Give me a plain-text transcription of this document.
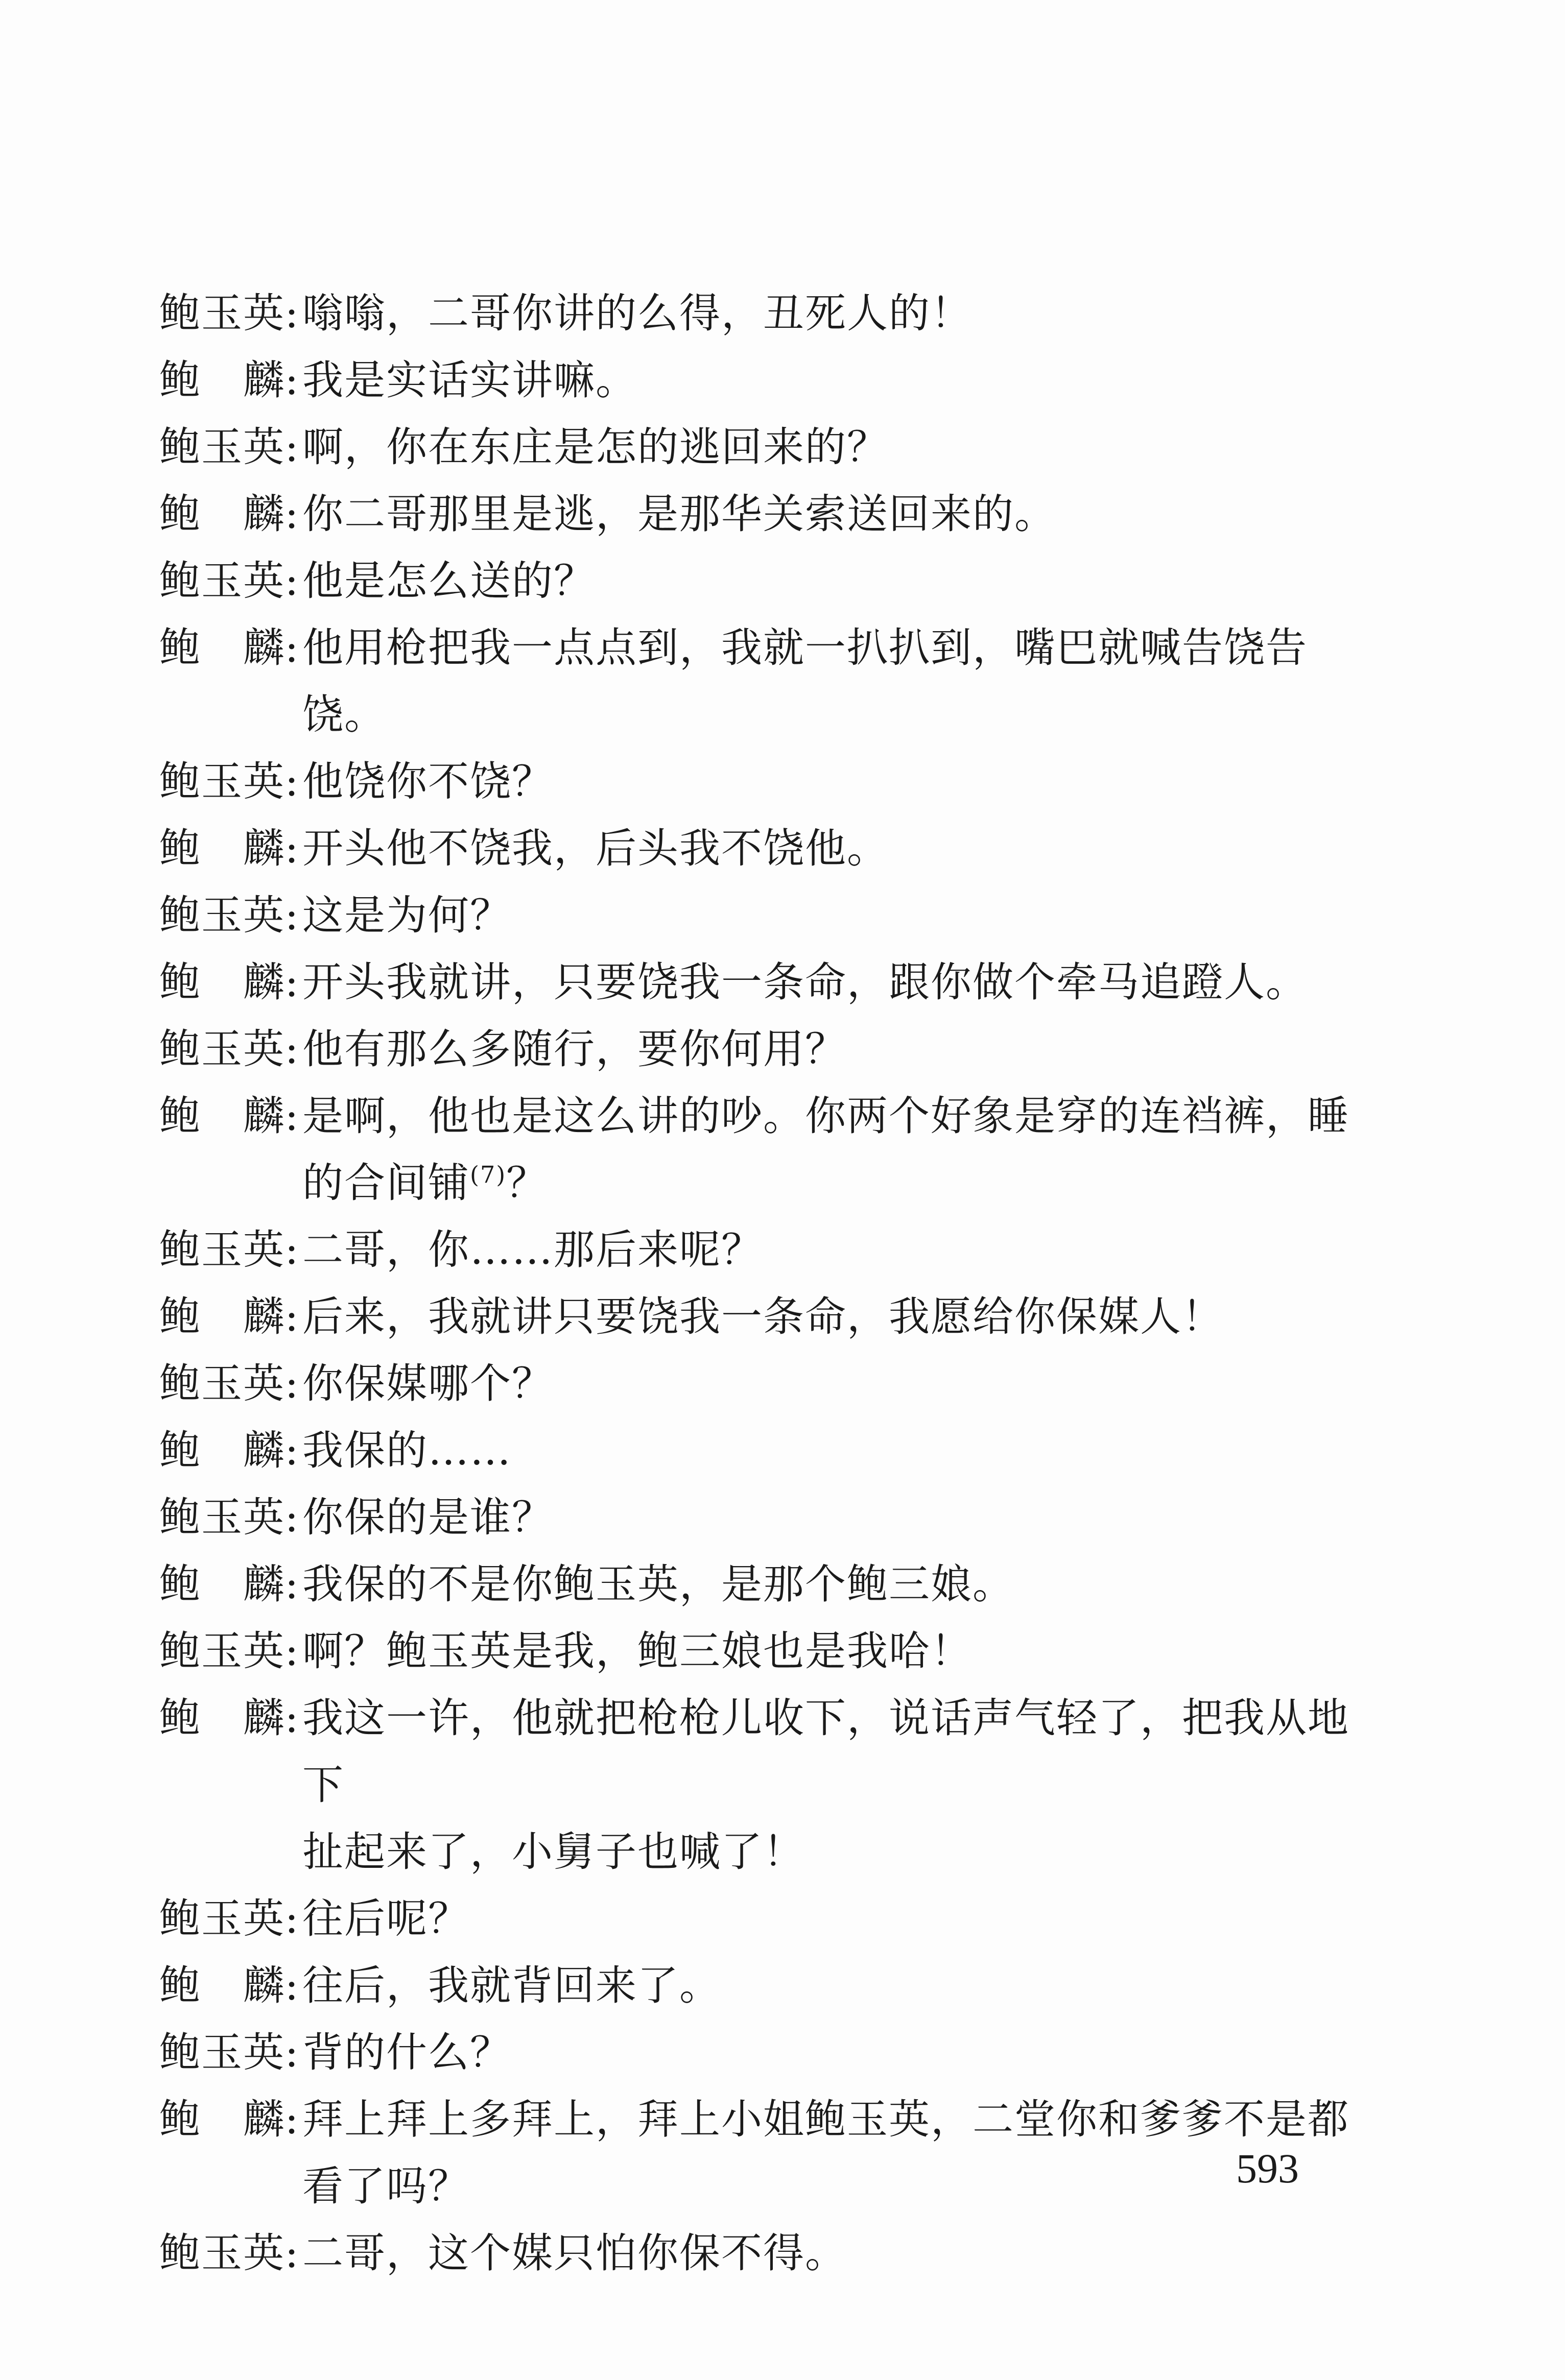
鲍 玉 英 : 嗡嗡，二哥你讲的么得，丑死人的！
鲍
　 麟 : 我是实话实讲嘛。
鲍 玉 英 : 啊，你在东庄是怎的逃回来的？
鲍
　 麟 : 你二哥那里是逃，是那华关索送回来的。
鲍 玉 英 : 他是怎么送的？
鲍
　 麟 : 他用枪把我一点点到，我就一扒扒到，嘴巴就喊告饶告饶。
鲍 玉 英 : 他饶你不饶？
鲍
　 麟 : 开头他不饶我，后头我不饶他。
鲍 玉 英 : 这是为何？
鲍
　 麟 : 开头我就讲，只要饶我一条命，跟你做个牵马追蹬人。
鲍 玉 英 : 他有那么多随行，要你何用？
鲍
　 麟 : 是啊，他也是这么讲的吵。你两个好象是穿的连裆裤，睡
的合间铺$^{(7)}$？
鲍 玉 英 : 二哥，你……那后来呢？
鲍
　 麟 : 后来，我就讲只要饶我一条命，我愿给你保媒人！
鲍 玉 英 : 你保媒哪个？
鲍
　 麟 : 我保的……
鲍 玉 英 : 你保的是谁？
鲍
　 麟 : 我保的不是你鲍玉英，是那个鲍三娘。
鲍 玉 英 : 啊？鲍玉英是我，鲍三娘也是我哈！
鲍
　 麟 : 我这一许，他就把枪枪儿收下，说话声气轻了，把我从地下
扯起来了，小舅子也喊了！
鲍 玉 英 : 往后呢？
鲍
　 麟 : 往后，我就背回来了。
鲍 玉 英 : 背的什么？
鲍
　 麟 : 拜上拜上多拜上，拜上小姐鲍玉英，二堂你和爹爹不是都
看了吗？
鲍 玉 英 : 二哥，这个媒只怕你保不得。
593
